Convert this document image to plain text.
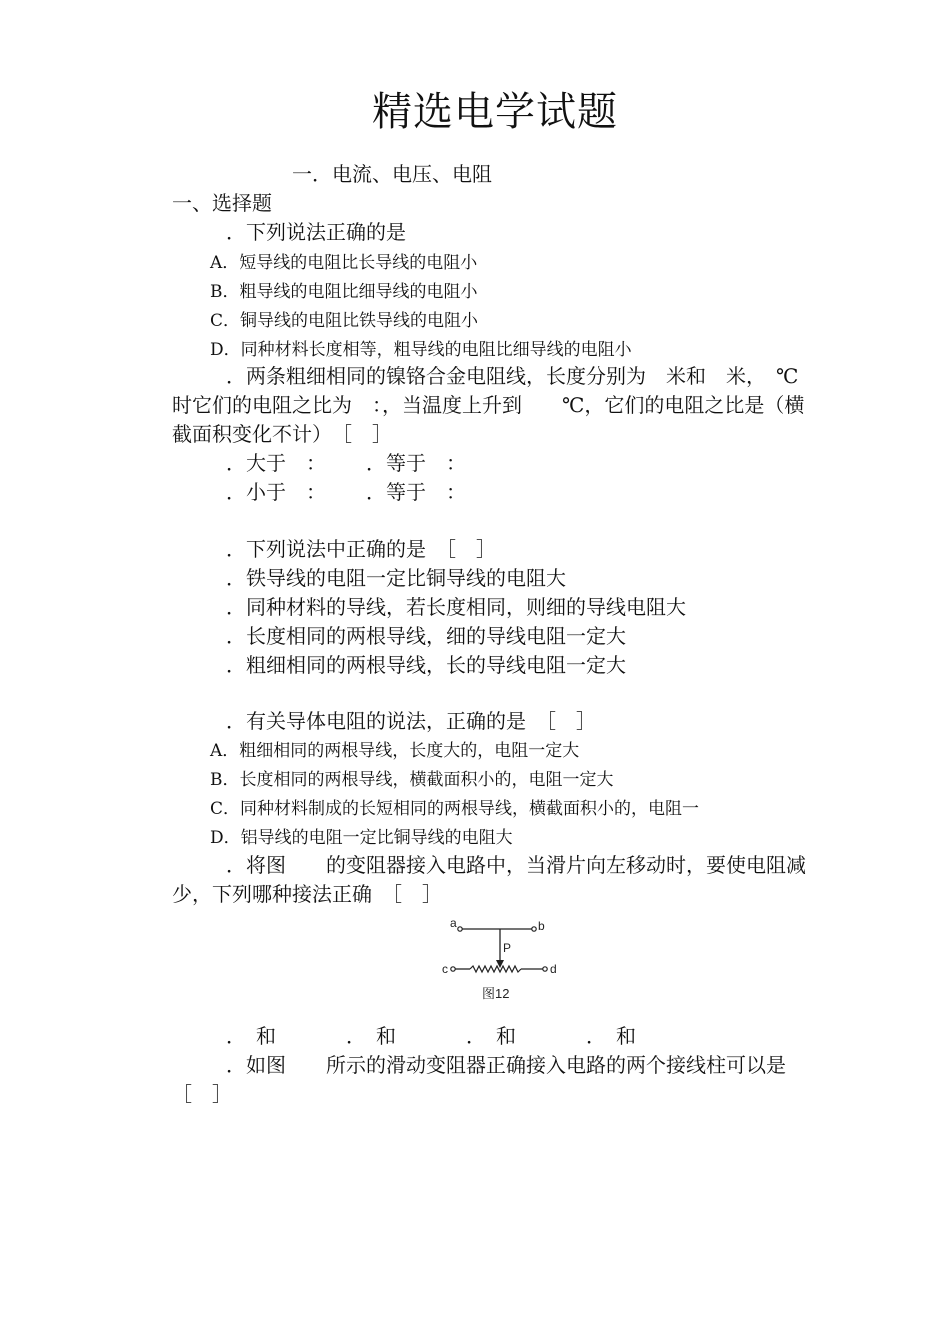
精选电学试题
一．电流、电压、电阻
一、选择题
．下列说法正确的是
A．短导线的电阻比长导线的电阻小
B．粗导线的电阻比细导线的电阻小
C．铜导线的电阻比铁导线的电阻小
D．同种材料长度相等，粗导线的电阻比细导线的电阻小
．两条粗细相同的镍铬合金电阻线，长度分别为　米和　米，　℃
时它们的电阻之比为　：，当温度上升到　　℃，它们的电阻之比是（横
截面积变化不计）　［　］
．大于　： ．等于　：
．小于　： ．等于　：
．下列说法中正确的是　［　］
．铁导线的电阻一定比铜导线的电阻大
．同种材料的导线，若长度相同，则细的导线电阻大
．长度相同的两根导线，细的导线电阻一定大
．粗细相同的两根导线，长的导线电阻一定大
．有关导体电阻的说法，正确的是　［　］
A．粗细相同的两根导线，长度大的，电阻一定大
B．长度相同的两根导线，横截面积小的，电阻一定大
C．同种材料制成的长短相同的两根导线，横截面积小的，电阻一
D．铝导线的电阻一定比铜导线的电阻大
．将图　　的变阻器接入电路中，当滑片向左移动时，要使电阻减
少，下列哪种接法正确　［　］
a	b
P
c	d
图12
．　和	．　和	．　和	．　和
．如图　　所示的滑动变阻器正确接入电路的两个接线柱可以是
［　］
